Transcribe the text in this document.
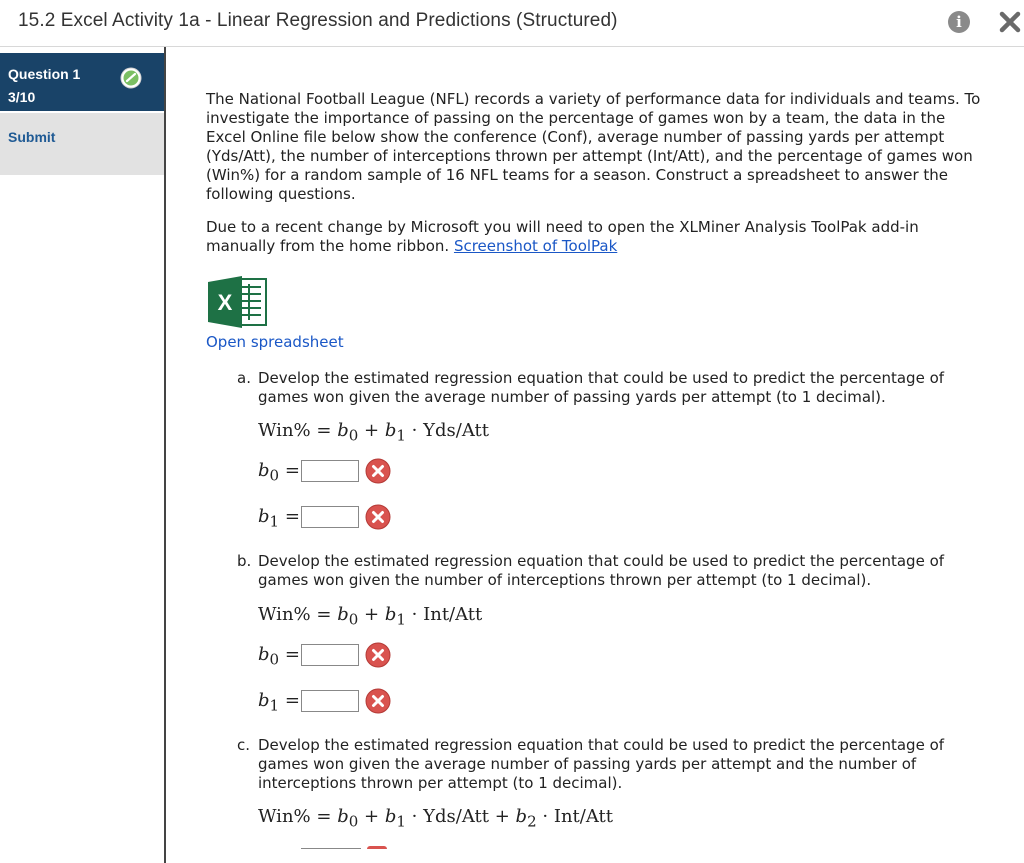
15.2 Excel Activity 1a - Linear Regression and Predictions (Structured)	i
Question 1
3/10
Submit

The National Football League (NFL) records a variety of performance data for individuals and teams. To investigate the importance of passing on the percentage of games won by a team, the data in the Excel Online file below show the conference (Conf), average number of passing yards per attempt (Yds/Att), the number of interceptions thrown per attempt (Int/Att), and the percentage of games won (Win%) for a random sample of 16 NFL teams for a season. Construct a spreadsheet to answer the following questions.

Due to a recent change by Microsoft you will need to open the XLMiner Analysis ToolPak add-in manually from the home ribbon. Screenshot of ToolPak

X
Open spreadsheet
a. Develop the estimated regression equation that could be used to predict the percentage of games won given the average number of passing yards per attempt (to 1 decimal).
$Win\% = b_0 + b_1 \cdot Yds/Att$
$b_0$ =
$b_1$ =
b. Develop the estimated regression equation that could be used to predict the percentage of games won given the number of interceptions thrown per attempt (to 1 decimal).
$Win\% = b_0 + b_1 \cdot Int/Att$
$b_0$ =
$b_1$ =
c. Develop the estimated regression equation that could be used to predict the percentage of games won given the average number of passing yards per attempt and the number of interceptions thrown per attempt (to 1 decimal).
$Win\% = b_0 + b_1 \cdot Yds/Att + b_2 \cdot Int/Att$
